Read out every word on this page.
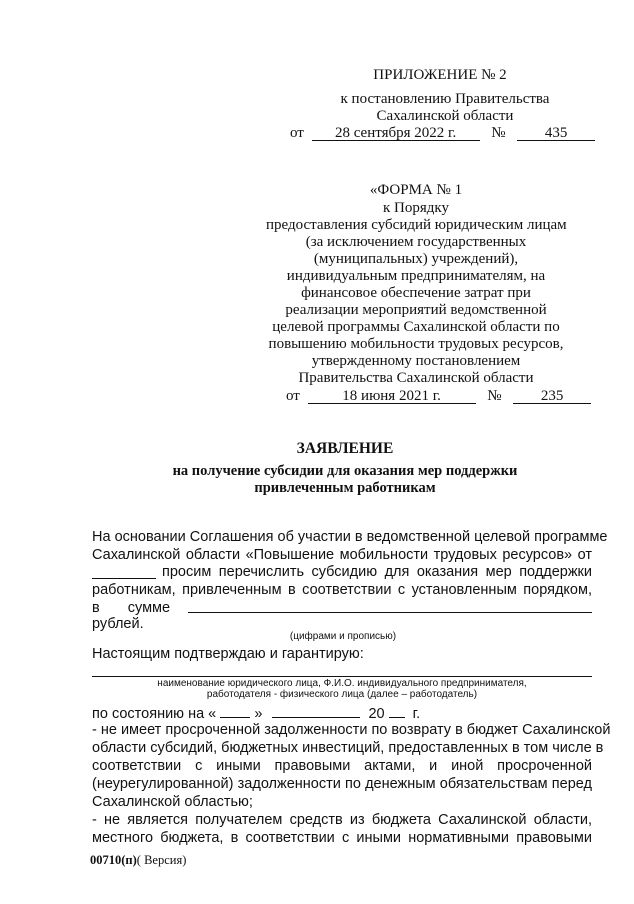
ПРИЛОЖЕНИЕ № 2
к постановлению Правительства
Сахалинской области
от 28 сентября 2022 г. №	435
«ФОРМА № 1
к Порядку
предоставления субсидий юридическим лицам
(за исключением государственных
(муниципальных) учреждений),
индивидуальным предпринимателям, на
финансовое обеспечение затрат при
реализации мероприятий ведомственной
целевой программы Сахалинской области по
повышению мобильности трудовых ресурсов,
утвержденному постановлением
Правительства Сахалинской области
от	18 июня 2021 г.	№	235
ЗАЯВЛЕНИЕ
на получение субсидии для оказания мер поддержки
привлеченным работникам
На основании Соглашения об участии в ведомственной целевой программе
Сахалинской области «Повышение мобильности трудовых ресурсов» от
просим перечислить субсидию для оказания мер поддержки
работникам, привлеченным в соответствии с установленным порядком,
в сумме
рублей.
(цифрами и прописью)
Настоящим подтверждаю и гарантирую:
наименование юридического лица, Ф.И.О. индивидуального предпринимателя,
работодателя - физического лица (далее – работодатель)
по состоянию на «	»	20 г.
- не имеет просроченной задолженности по возврату в бюджет Сахалинской
области субсидий, бюджетных инвестиций, предоставленных в том числе в
соответствии с иными правовыми актами, и иной просроченной
(неурегулированной) задолженности по денежным обязательствам перед
Сахалинской областью;
- не является получателем средств из бюджета Сахалинской области,
местного бюджета, в соответствии с иными нормативными правовыми
00710(п)( Версия)
